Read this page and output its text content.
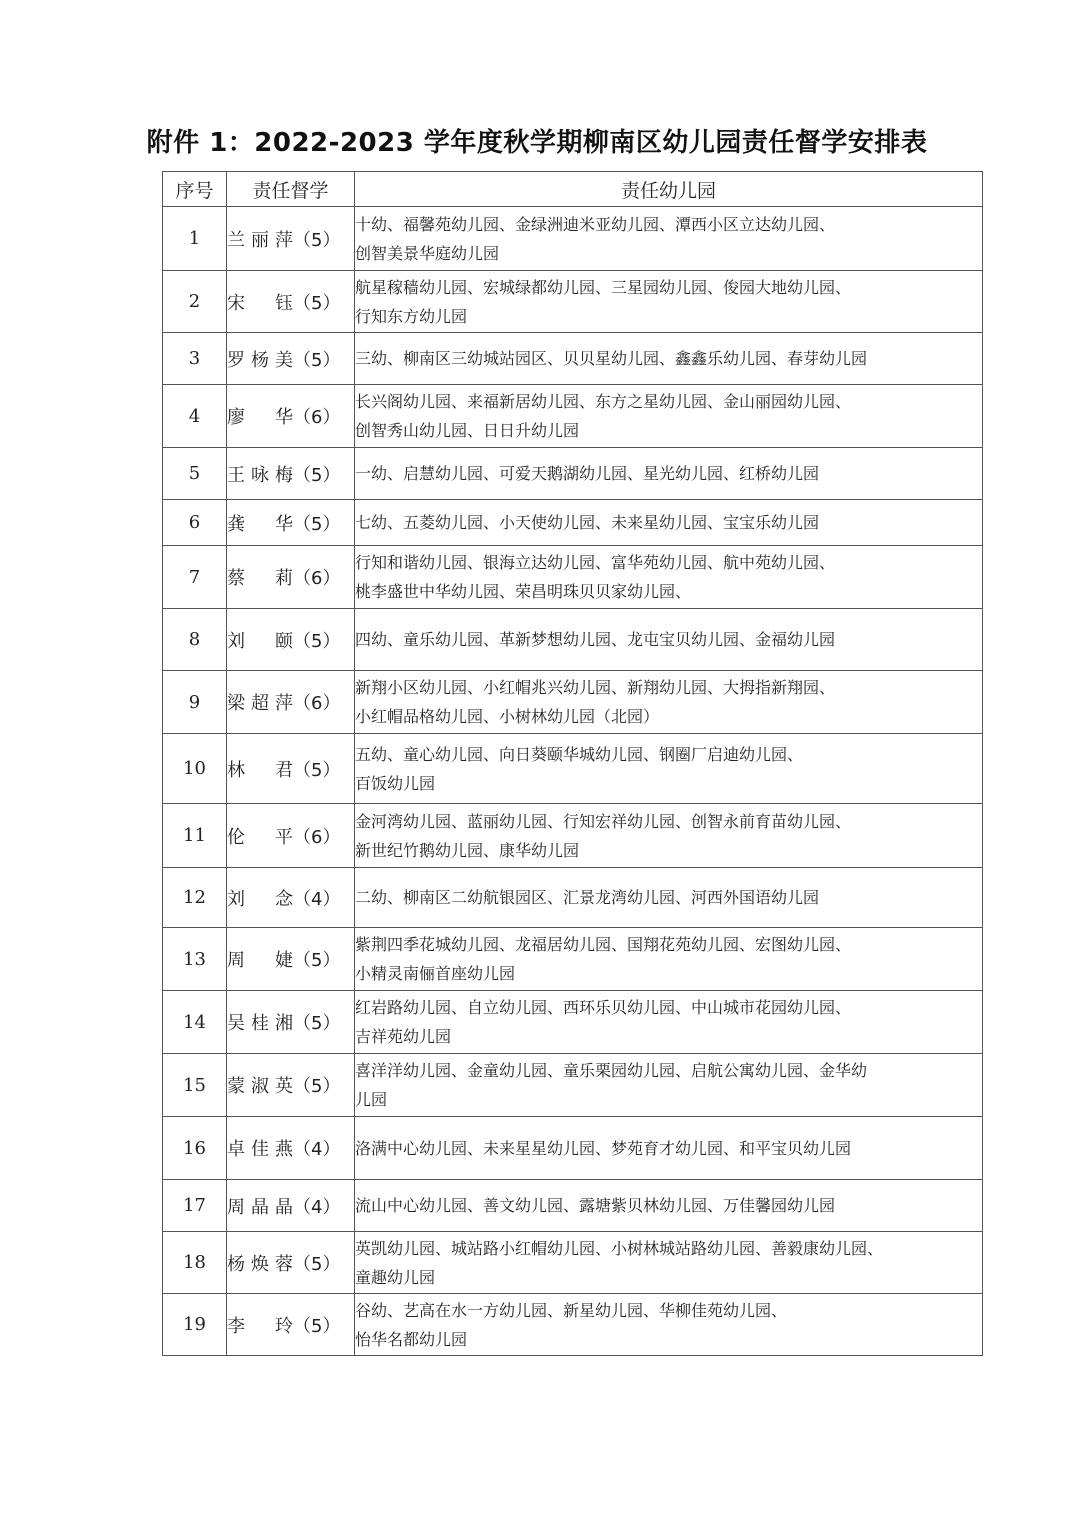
附件 1：2022-2023 学年度秋学期柳南区幼儿园责任督学安排表
序号	责任督学	责任幼儿园
1	兰丽萍（5）	十幼、福馨苑幼儿园、金绿洲迪米亚幼儿园、潭西小区立达幼儿园、
创智美景华庭幼儿园

2	宋钰（5）	航星稼穑幼儿园、宏城绿都幼儿园、三星园幼儿园、俊园大地幼儿园、
行知东方幼儿园

3	罗杨美（5）	三幼、柳南区三幼城站园区、贝贝星幼儿园、鑫鑫乐幼儿园、春芽幼儿园

4	廖华（6）	长兴阁幼儿园、来福新居幼儿园、东方之星幼儿园、金山丽园幼儿园、
创智秀山幼儿园、日日升幼儿园

5	王咏梅（5）	一幼、启慧幼儿园、可爱天鹅湖幼儿园、星光幼儿园、红桥幼儿园

6	龚华（5）	七幼、五菱幼儿园、小天使幼儿园、未来星幼儿园、宝宝乐幼儿园

7	蔡莉（6）	行知和谐幼儿园、银海立达幼儿园、富华苑幼儿园、航中苑幼儿园、
桃李盛世中华幼儿园、荣昌明珠贝贝家幼儿园、

8	刘颐（5）	四幼、童乐幼儿园、革新梦想幼儿园、龙屯宝贝幼儿园、金福幼儿园

9	梁超萍（6）	新翔小区幼儿园、小红帽兆兴幼儿园、新翔幼儿园、大拇指新翔园、
小红帽品格幼儿园、小树林幼儿园（北园）

10	林君（5）	五幼、童心幼儿园、向日葵颐华城幼儿园、钢圈厂启迪幼儿园、
百饭幼儿园

11	伦平（6）	金河湾幼儿园、蓝丽幼儿园、行知宏祥幼儿园、创智永前育苗幼儿园、
新世纪竹鹅幼儿园、康华幼儿园

12	刘念（4）	二幼、柳南区二幼航银园区、汇景龙湾幼儿园、河西外国语幼儿园

13	周婕（5）	紫荆四季花城幼儿园、龙福居幼儿园、国翔花苑幼儿园、宏图幼儿园、
小精灵南俪首座幼儿园

14	吴桂湘（5）	红岩路幼儿园、自立幼儿园、西环乐贝幼儿园、中山城市花园幼儿园、
吉祥苑幼儿园

15	蒙淑英（5）	喜洋洋幼儿园、金童幼儿园、童乐栗园幼儿园、启航公寓幼儿园、金华幼
儿园

16	卓佳燕（4）	洛满中心幼儿园、未来星星幼儿园、梦苑育才幼儿园、和平宝贝幼儿园

17	周晶晶（4）	流山中心幼儿园、善文幼儿园、露塘紫贝林幼儿园、万佳馨园幼儿园

18	杨焕蓉（5）	英凯幼儿园、城站路小红帽幼儿园、小树林城站路幼儿园、善毅康幼儿园、
童趣幼儿园

19	李玲（5）	谷幼、艺高在水一方幼儿园、新星幼儿园、华柳佳苑幼儿园、
怡华名都幼儿园
